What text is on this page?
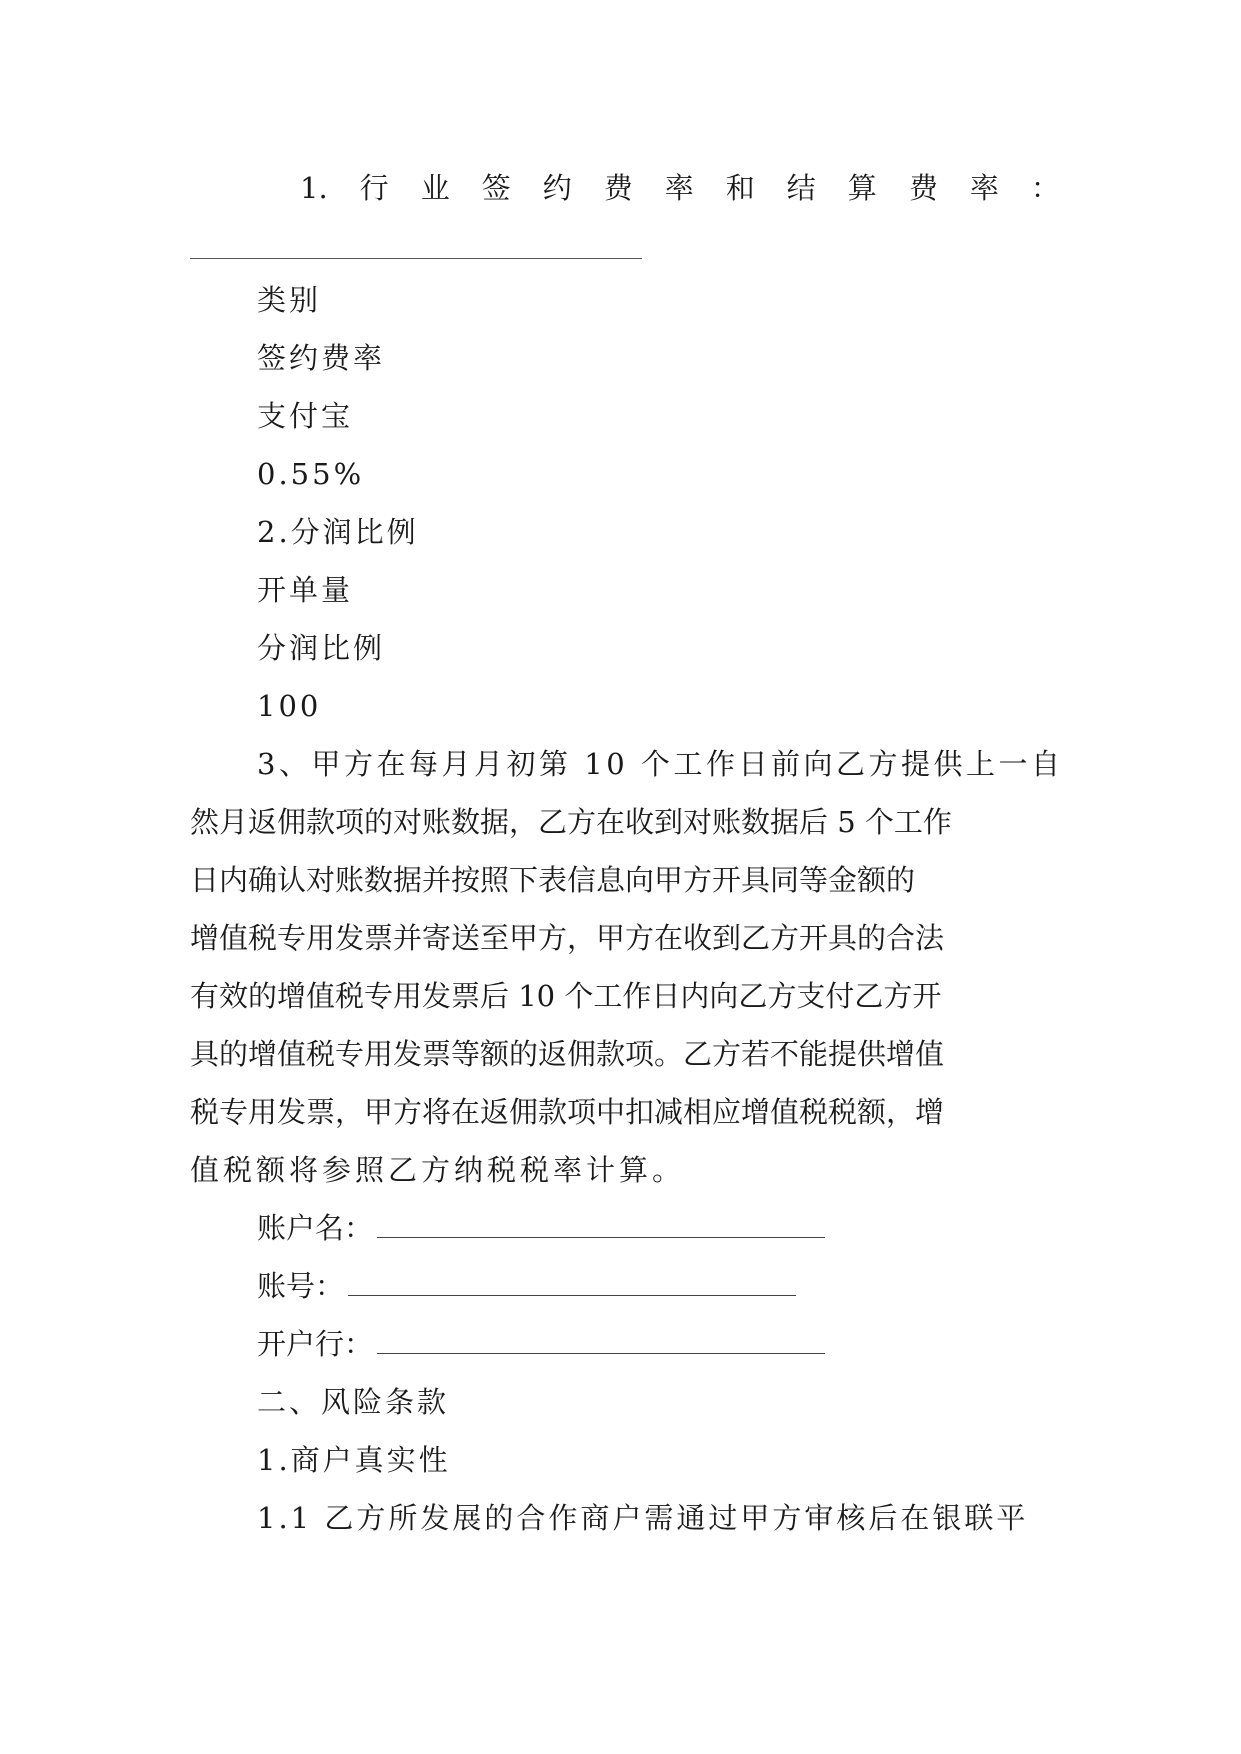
1. 行 业 签 约 费 率 和 结 算 费 率 ：
类别
签约费率
支付宝
0.55%
2.分润比例
开单量
分润比例
100
3、甲方在每月月初第 10 个工作日前向乙方提供上一自
然月返佣款项的对账数据，乙方在收到对账数据后 5 个工作
日内确认对账数据并按照下表信息向甲方开具同等金额的
增值税专用发票并寄送至甲方，甲方在收到乙方开具的合法
有效的增值税专用发票后 10 个工作日内向乙方支付乙方开
具的增值税专用发票等额的返佣款项。乙方若不能提供增值
税专用发票，甲方将在返佣款项中扣减相应增值税税额，增
值税额将参照乙方纳税税率计算。
账户名：
账号：
开户行：
二、风险条款
1.商户真实性
1.1 乙方所发展的合作商户需通过甲方审核后在银联平
